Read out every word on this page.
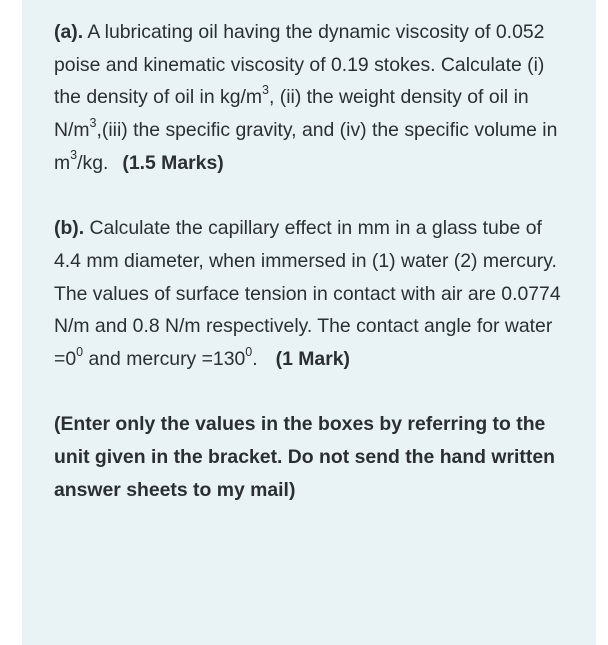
(a). A lubricating oil having the dynamic viscosity of 0.052 poise and kinematic viscosity of 0.19 stokes. Calculate (i) the density of oil in $kg/m^3$, (ii) the weight density of oil in $N/m^3,(iii)$ the specific gravity, and (iv) the specific volume in $m^3/kg$. (1.5 Marks)

(b). Calculate the capillary effect in mm in a glass tube of 4.4 mm diameter, when immersed in (1) water (2) mercury. The values of surface tension in contact with air are 0.0774 N/m and 0.8 N/m respectively. The contact angle for water $=0^0$ and mercury $=130^0$. (1 Mark)

(Enter only the values in the boxes by referring to the unit given in the bracket. Do not send the hand written answer sheets to my mail)
